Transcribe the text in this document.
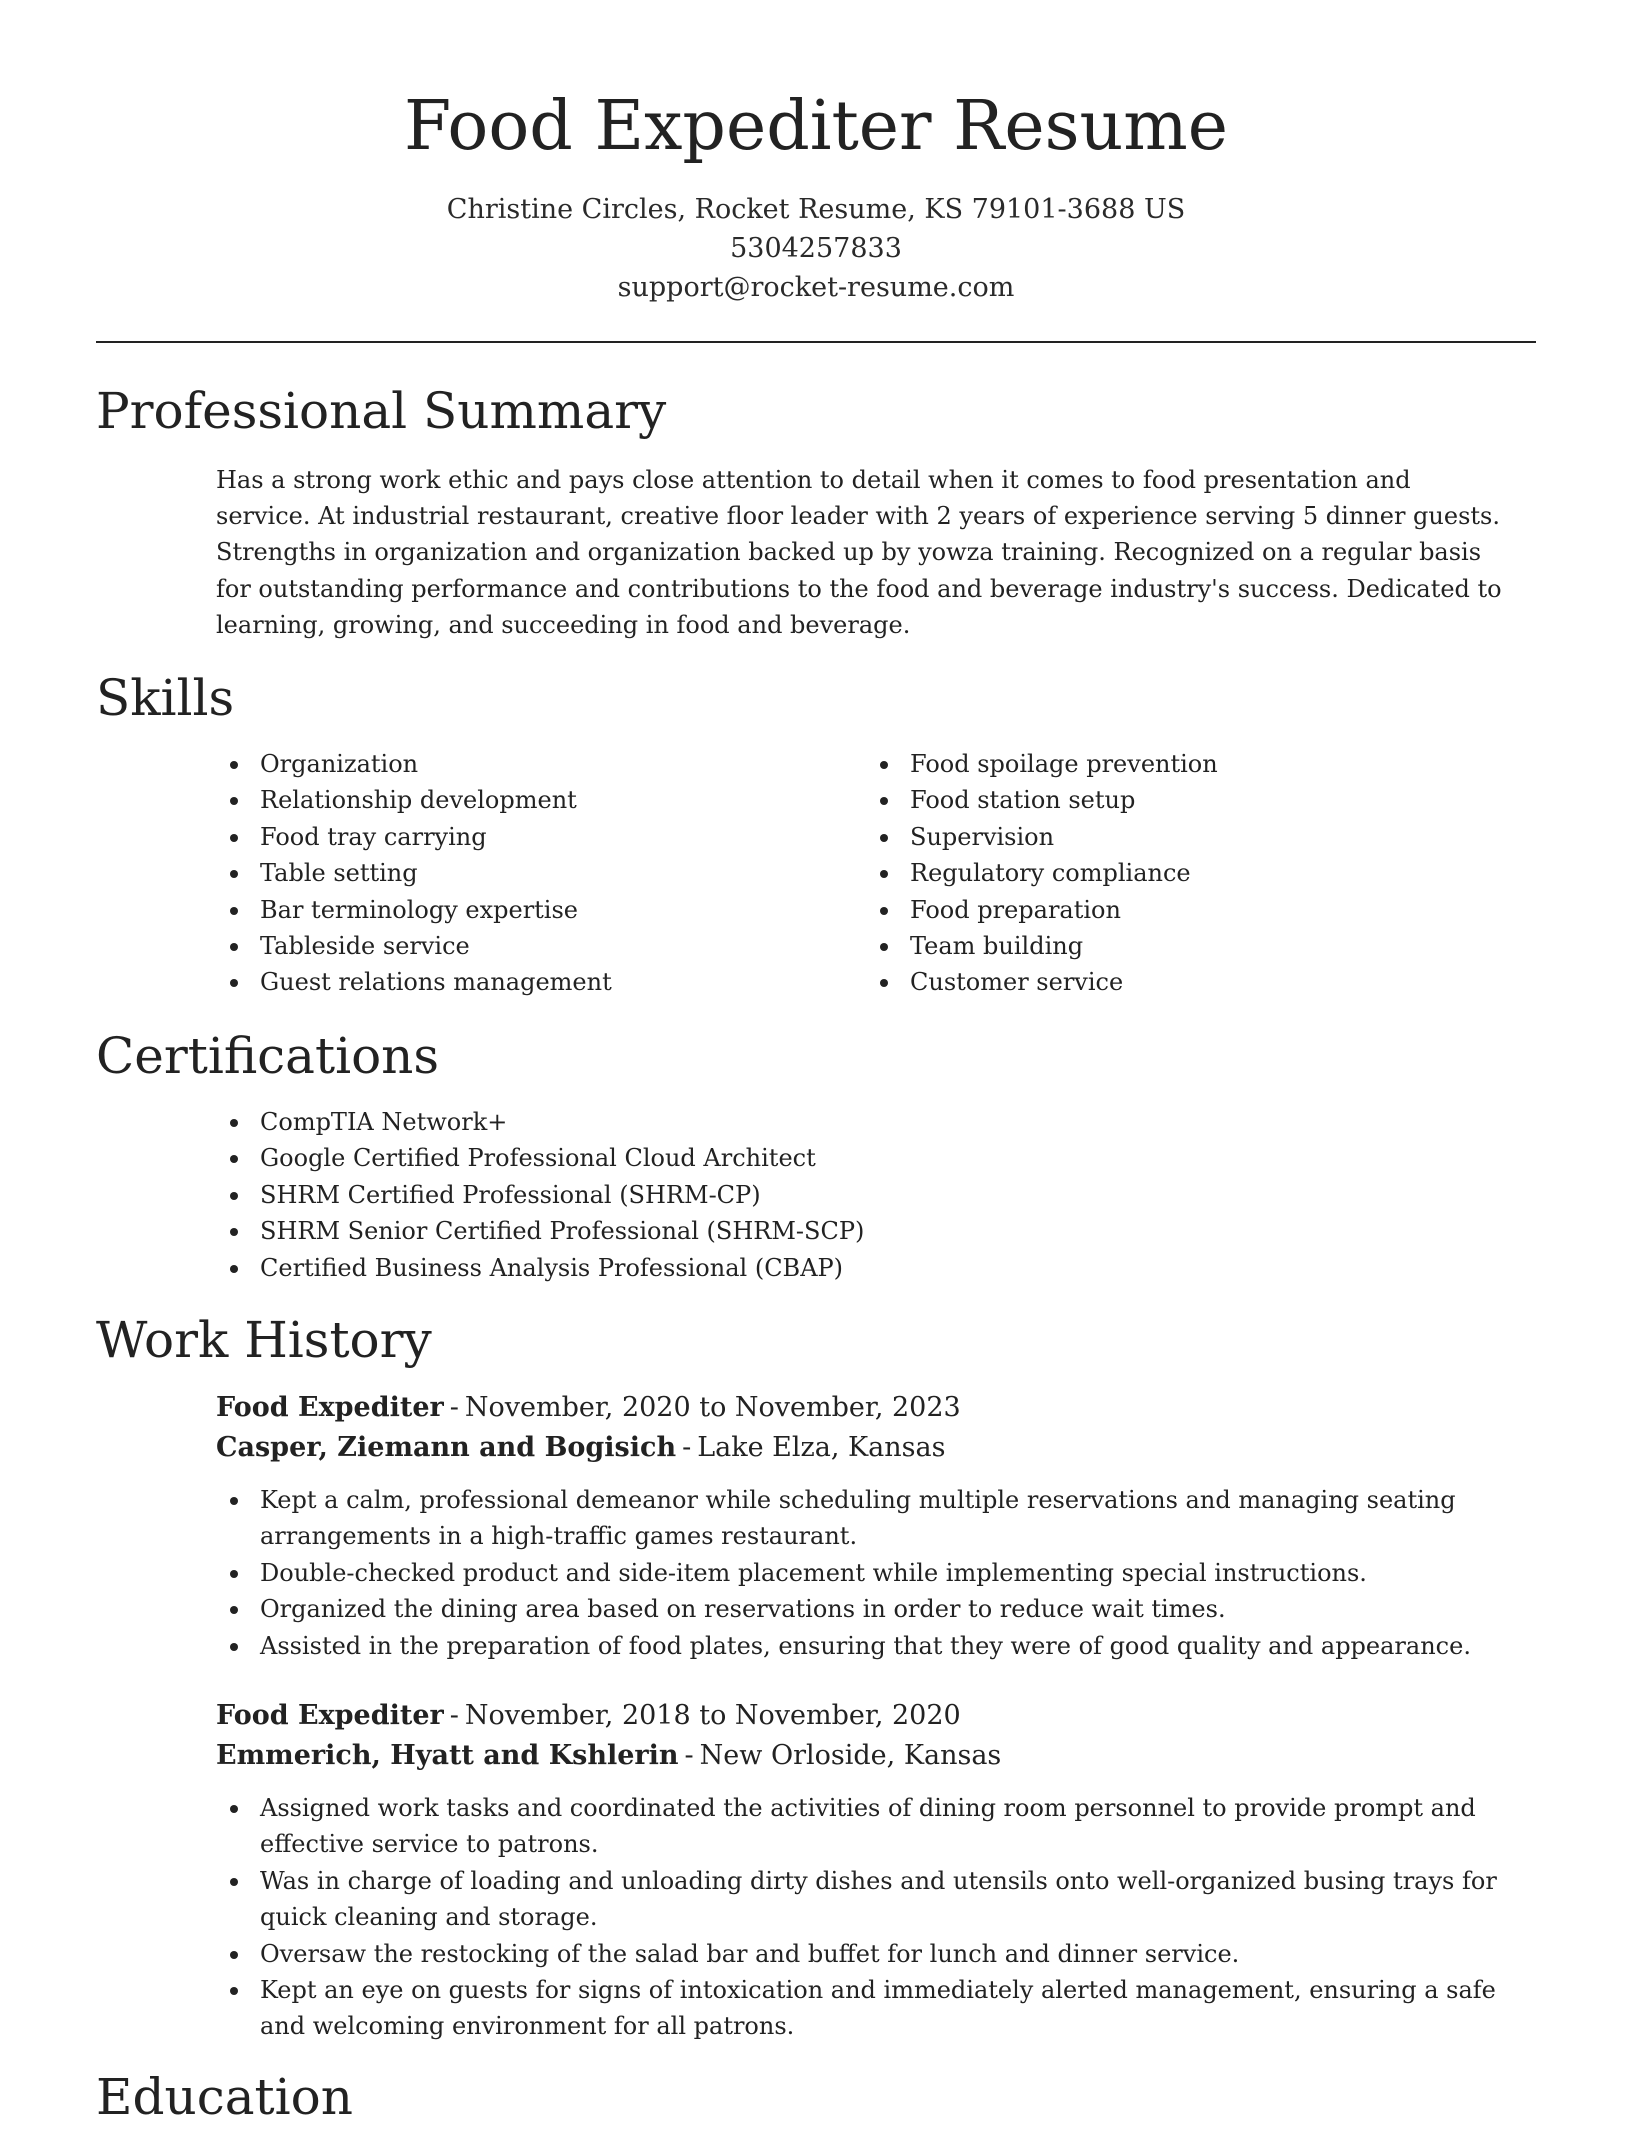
Food Expediter Resume
Christine Circles, Rocket Resume, KS 79101-3688 US
5304257833
support@rocket-resume.com
Professional Summary

Has a strong work ethic and pays close attention to detail when it comes to food presentation and service. At industrial restaurant, creative floor leader with 2 years of experience serving 5 dinner guests. Strengths in organization and organization backed up by yowza training. Recognized on a regular basis for outstanding performance and contributions to the food and beverage industry's success. Dedicated to learning, growing, and succeeding in food and beverage.

Skills
Organization
Relationship development
Food tray carrying
Table setting
Bar terminology expertise
Tableside service
Guest relations management
Food spoilage prevention
Food station setup
Supervision
Regulatory compliance
Food preparation
Team building
Customer service
Certifications
CompTIA Network+
Google Certified Professional Cloud Architect
SHRM Certified Professional (SHRM-CP)
SHRM Senior Certified Professional (SHRM-SCP)
Certified Business Analysis Professional (CBAP)
Work History
Food Expediter - November, 2020 to November, 2023
Casper, Ziemann and Bogisich - Lake Elza, Kansas
Kept a calm, professional demeanor while scheduling multiple reservations and managing seating arrangements in a high-traffic games restaurant.
Double-checked product and side-item placement while implementing special instructions.
Organized the dining area based on reservations in order to reduce wait times.
Assisted in the preparation of food plates, ensuring that they were of good quality and appearance.
Food Expediter - November, 2018 to November, 2020
Emmerich, Hyatt and Kshlerin - New Orloside, Kansas
Assigned work tasks and coordinated the activities of dining room personnel to provide prompt and effective service to patrons.
Was in charge of loading and unloading dirty dishes and utensils onto well-organized busing trays for quick cleaning and storage.
Oversaw the restocking of the salad bar and buffet for lunch and dinner service.
Kept an eye on guests for signs of intoxication and immediately alerted management, ensuring a safe and welcoming environment for all patrons.
Education
